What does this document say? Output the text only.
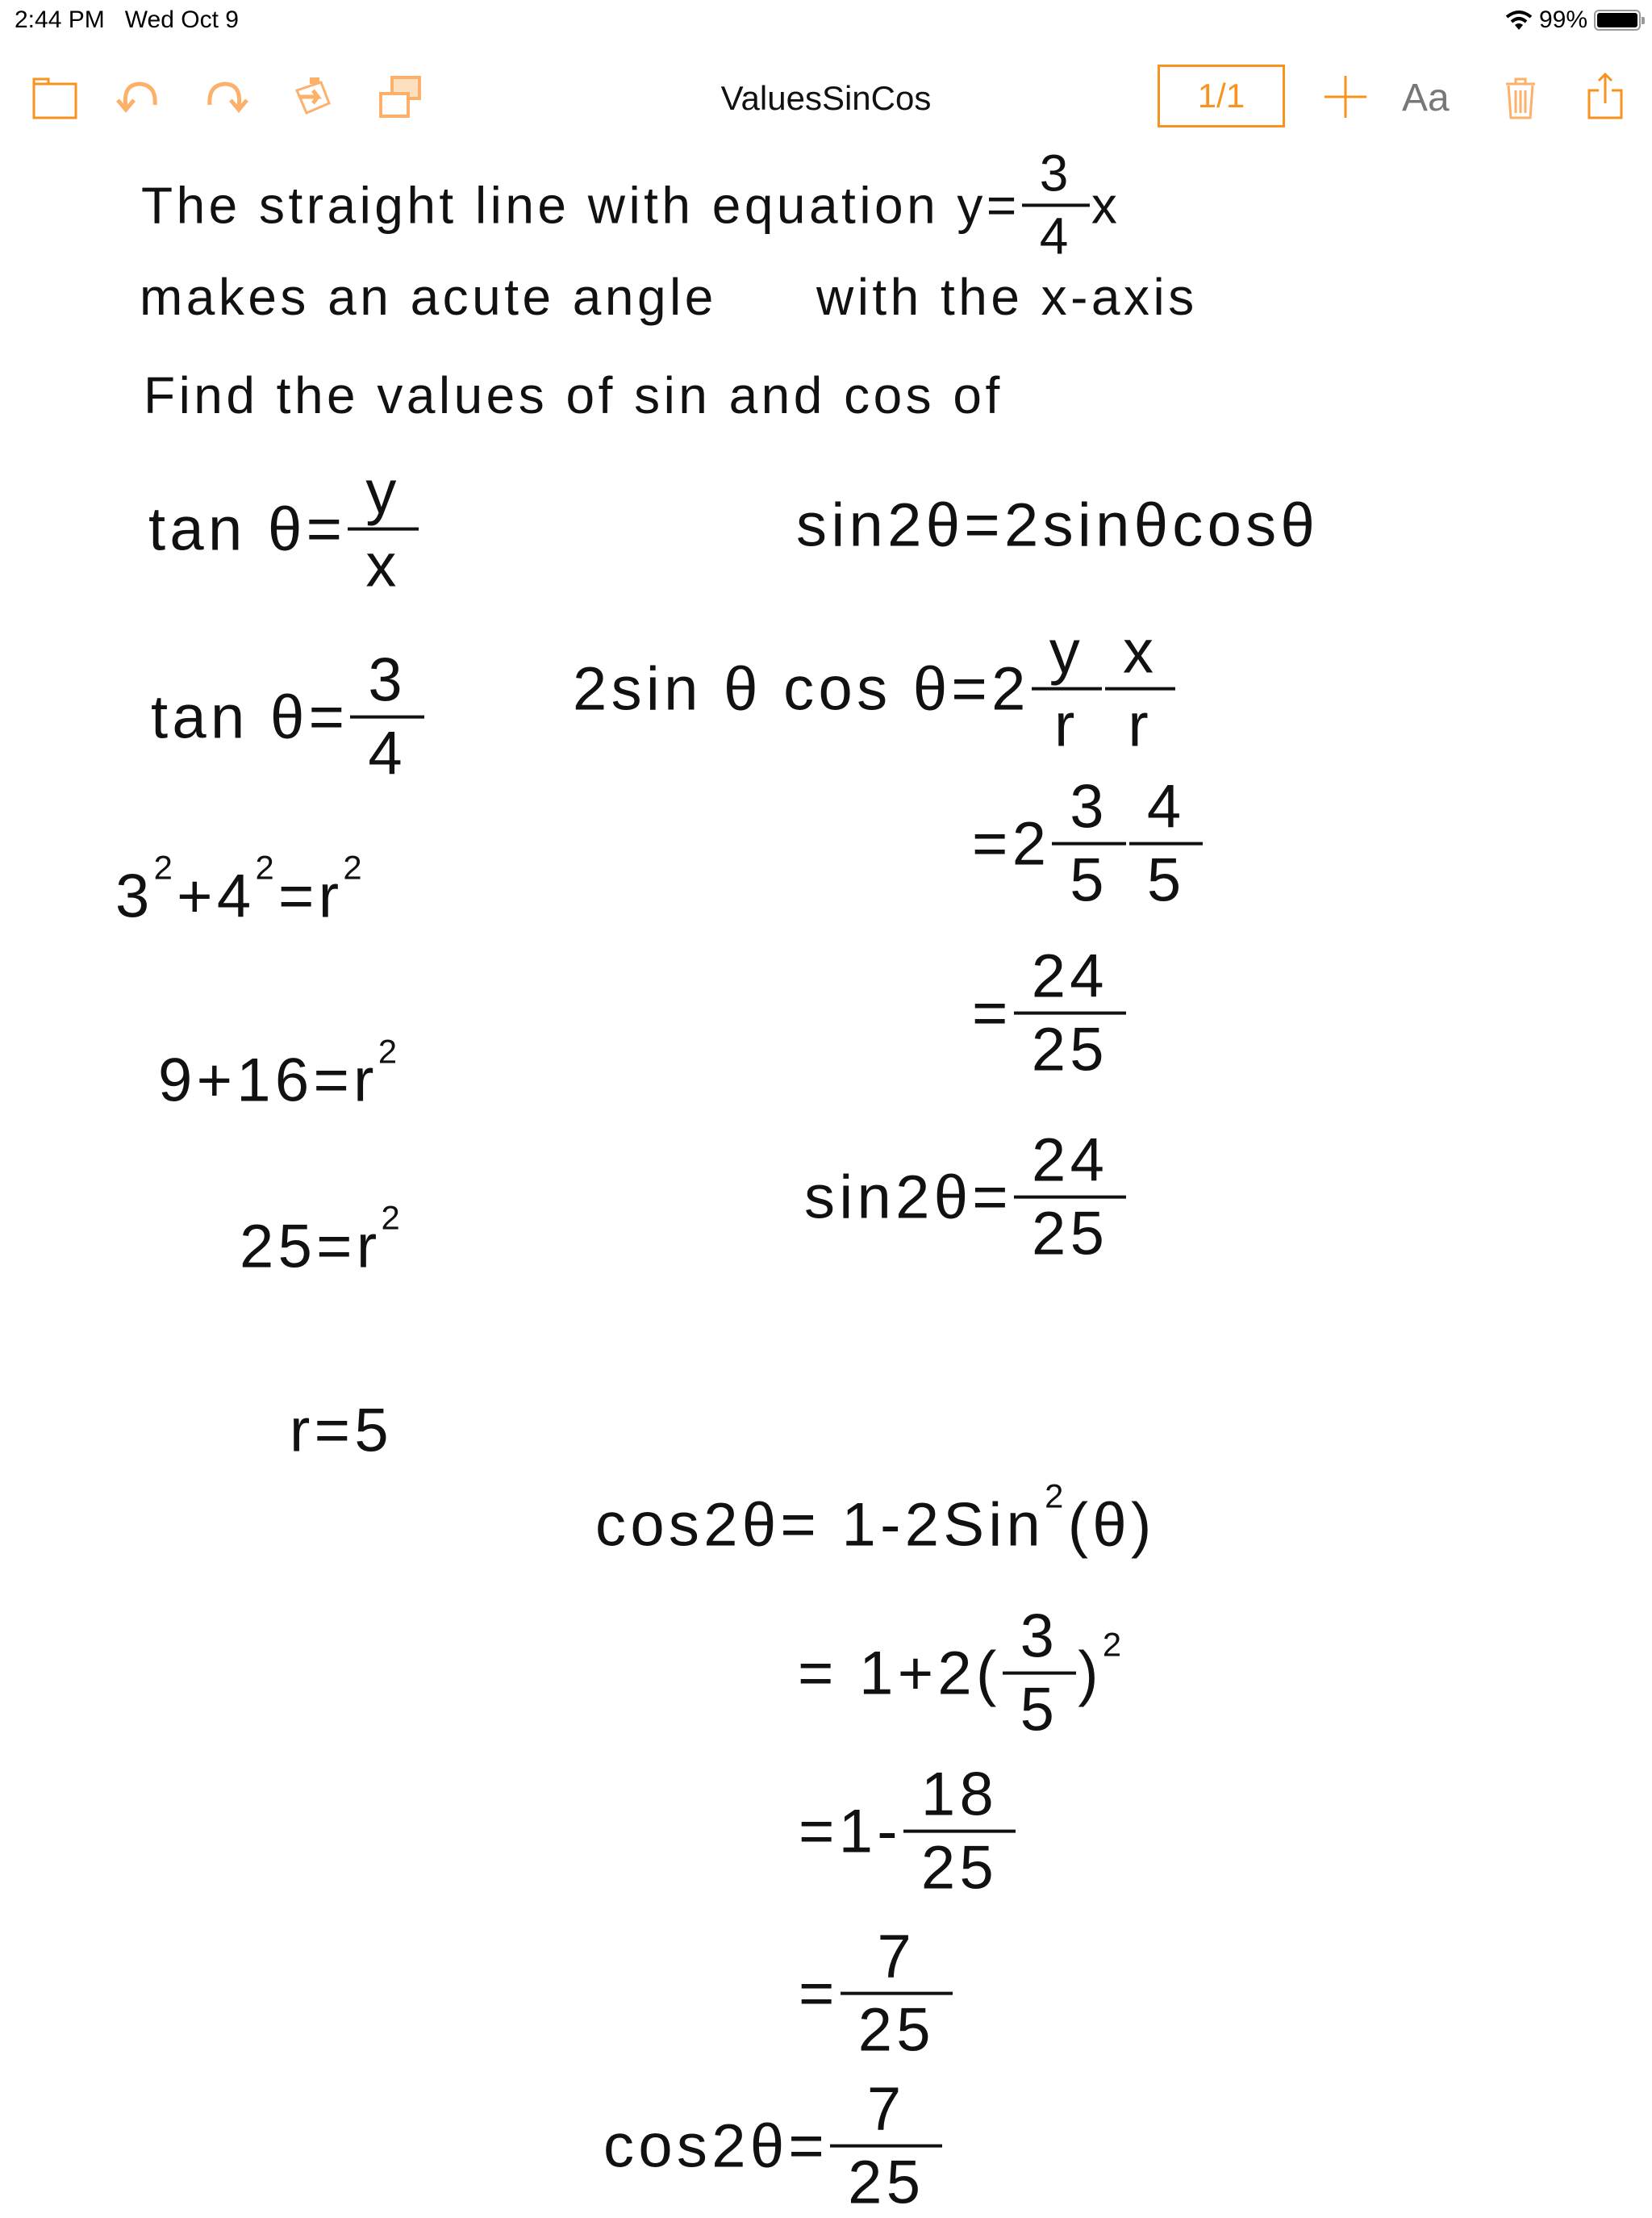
2:44 PM Wed Oct 9	99%
ValuesSinCos	1/1	Aa
The straight line with equation $y= \frac{3}{4}$ x
makes an acute angle with the x-axis
Find the values of sin and cos of
$\tan \theta= \frac{y}{x}$	sin2θ=2sinθcosθ
$\tan \theta= \frac{3}{4} 2\sin$ θ $\cos \theta=2 \frac{y}{r} \frac{x}{r}$
3 2 +4 2 =r 2	$=2 \frac{3}{5} \frac{4}{5}$
= $\frac{24}{25}$
9+16=r 2
$\sin 2\theta= \frac{24}{25}$
25=r 2
r=5
cos2θ= 1-2Sin 2 (θ)
= $1+2( \frac{3}{5}$ ) 2
$=1- \frac{18}{25}$
= $\frac{7}{25}$
$\cos 2\theta= \frac{7}{25}$
